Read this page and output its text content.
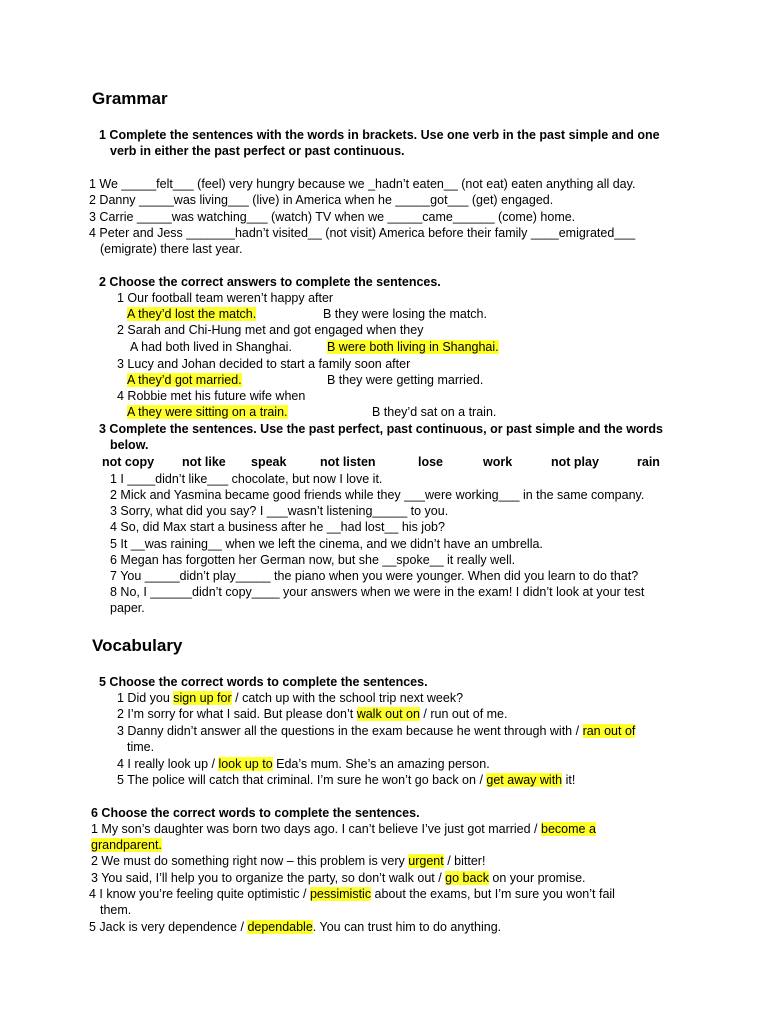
Grammar
1 Complete the sentences with the words in brackets. Use one verb in the past simple and one
verb in either the past perfect or past continuous.
1 We _____felt___ (feel) very hungry because we _hadn’t eaten__ (not eat) eaten anything all day.
2 Danny _____was living___ (live) in America when he _____got___ (get) engaged.
3 Carrie _____was watching___ (watch) TV when we _____came______ (come) home.
4 Peter and Jess _______hadn’t visited__ (not visit) America before their family ____emigrated___
(emigrate) there last year.
2 Choose the correct answers to complete the sentences.
1 Our football team weren’t happy after
A they’d lost the match.	B they were losing the match.
2 Sarah and Chi-Hung met and got engaged when they
A had both lived in Shanghai.	B were both living in Shanghai.
3 Lucy and Johan decided to start a family soon after
A they’d got married.	B they were getting married.
4 Robbie met his future wife when
A they were sitting on a train.	B they’d sat on a train.
3 Complete the sentences. Use the past perfect, past continuous, or past simple and the words
below.
not copy not like speak	not listen	lose	work	not play	rain
1 I ____didn’t like___ chocolate, but now I love it.
2 Mick and Yasmina became good friends while they ___were working___ in the same company.
3 Sorry, what did you say? I ___wasn’t listening_____ to you.
4 So, did Max start a business after he __had lost__ his job?
5 It __was raining__ when we left the cinema, and we didn’t have an umbrella.
6 Megan has forgotten her German now, but she __spoke__ it really well.
7 You _____didn’t play_____ the piano when you were younger. When did you learn to do that?
8 No, I ______didn’t copy____ your answers when we were in the exam! I didn’t look at your test
paper.
Vocabulary
5 Choose the correct words to complete the sentences.
1 Did you sign up for / catch up with the school trip next week?
2 I’m sorry for what I said. But please don’t walk out on / run out of me.
3 Danny didn’t answer all the questions in the exam because he went through with / ran out of
time.
4 I really look up / look up to Eda’s mum. She’s an amazing person.
5 The police will catch that criminal. I’m sure he won’t go back on / get away with it!
6 Choose the correct words to complete the sentences.
1 My son’s daughter was born two days ago. I can’t believe I’ve just got married / become a
grandparent.
2 We must do something right now – this problem is very urgent / bitter!
3 You said, I’ll help you to organize the party, so don’t walk out / go back on your promise.
4 I know you’re feeling quite optimistic / pessimistic about the exams, but I’m sure you won’t fail
them.
5 Jack is very dependence / dependable. You can trust him to do anything.
